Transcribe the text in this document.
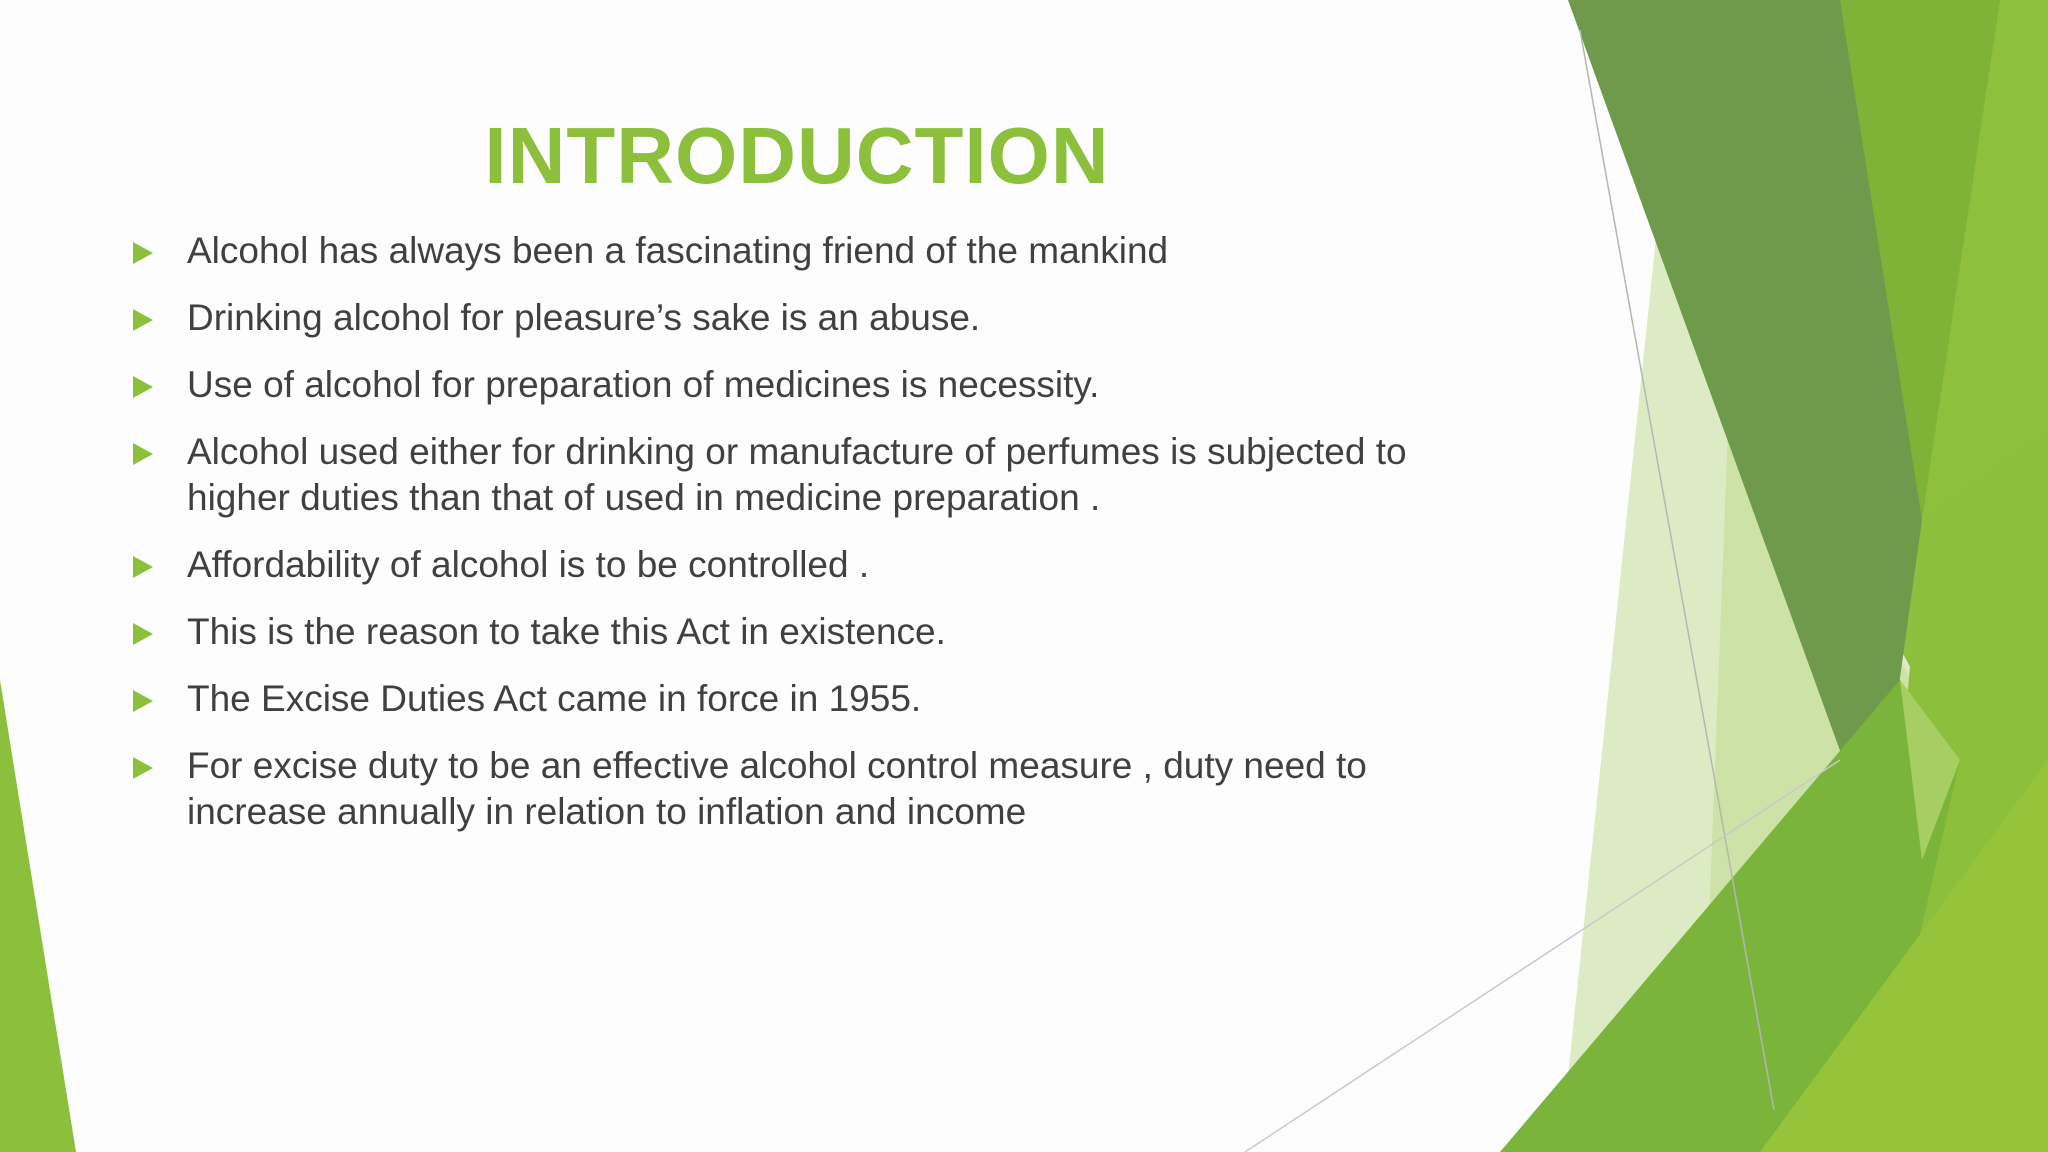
INTRODUCTION
Alcohol has always been a fascinating friend of the mankind
Drinking alcohol for pleasure’s sake is an abuse.
Use of alcohol for preparation of medicines is necessity.
Alcohol used either for drinking or manufacture of perfumes is subjected to higher duties than that of used in medicine preparation .
Affordability of alcohol is to be controlled .
This is the reason to take this Act in existence.
The Excise Duties Act came in force in 1955.
For excise duty to be an effective alcohol control measure , duty need to increase annually in relation to inflation and income
